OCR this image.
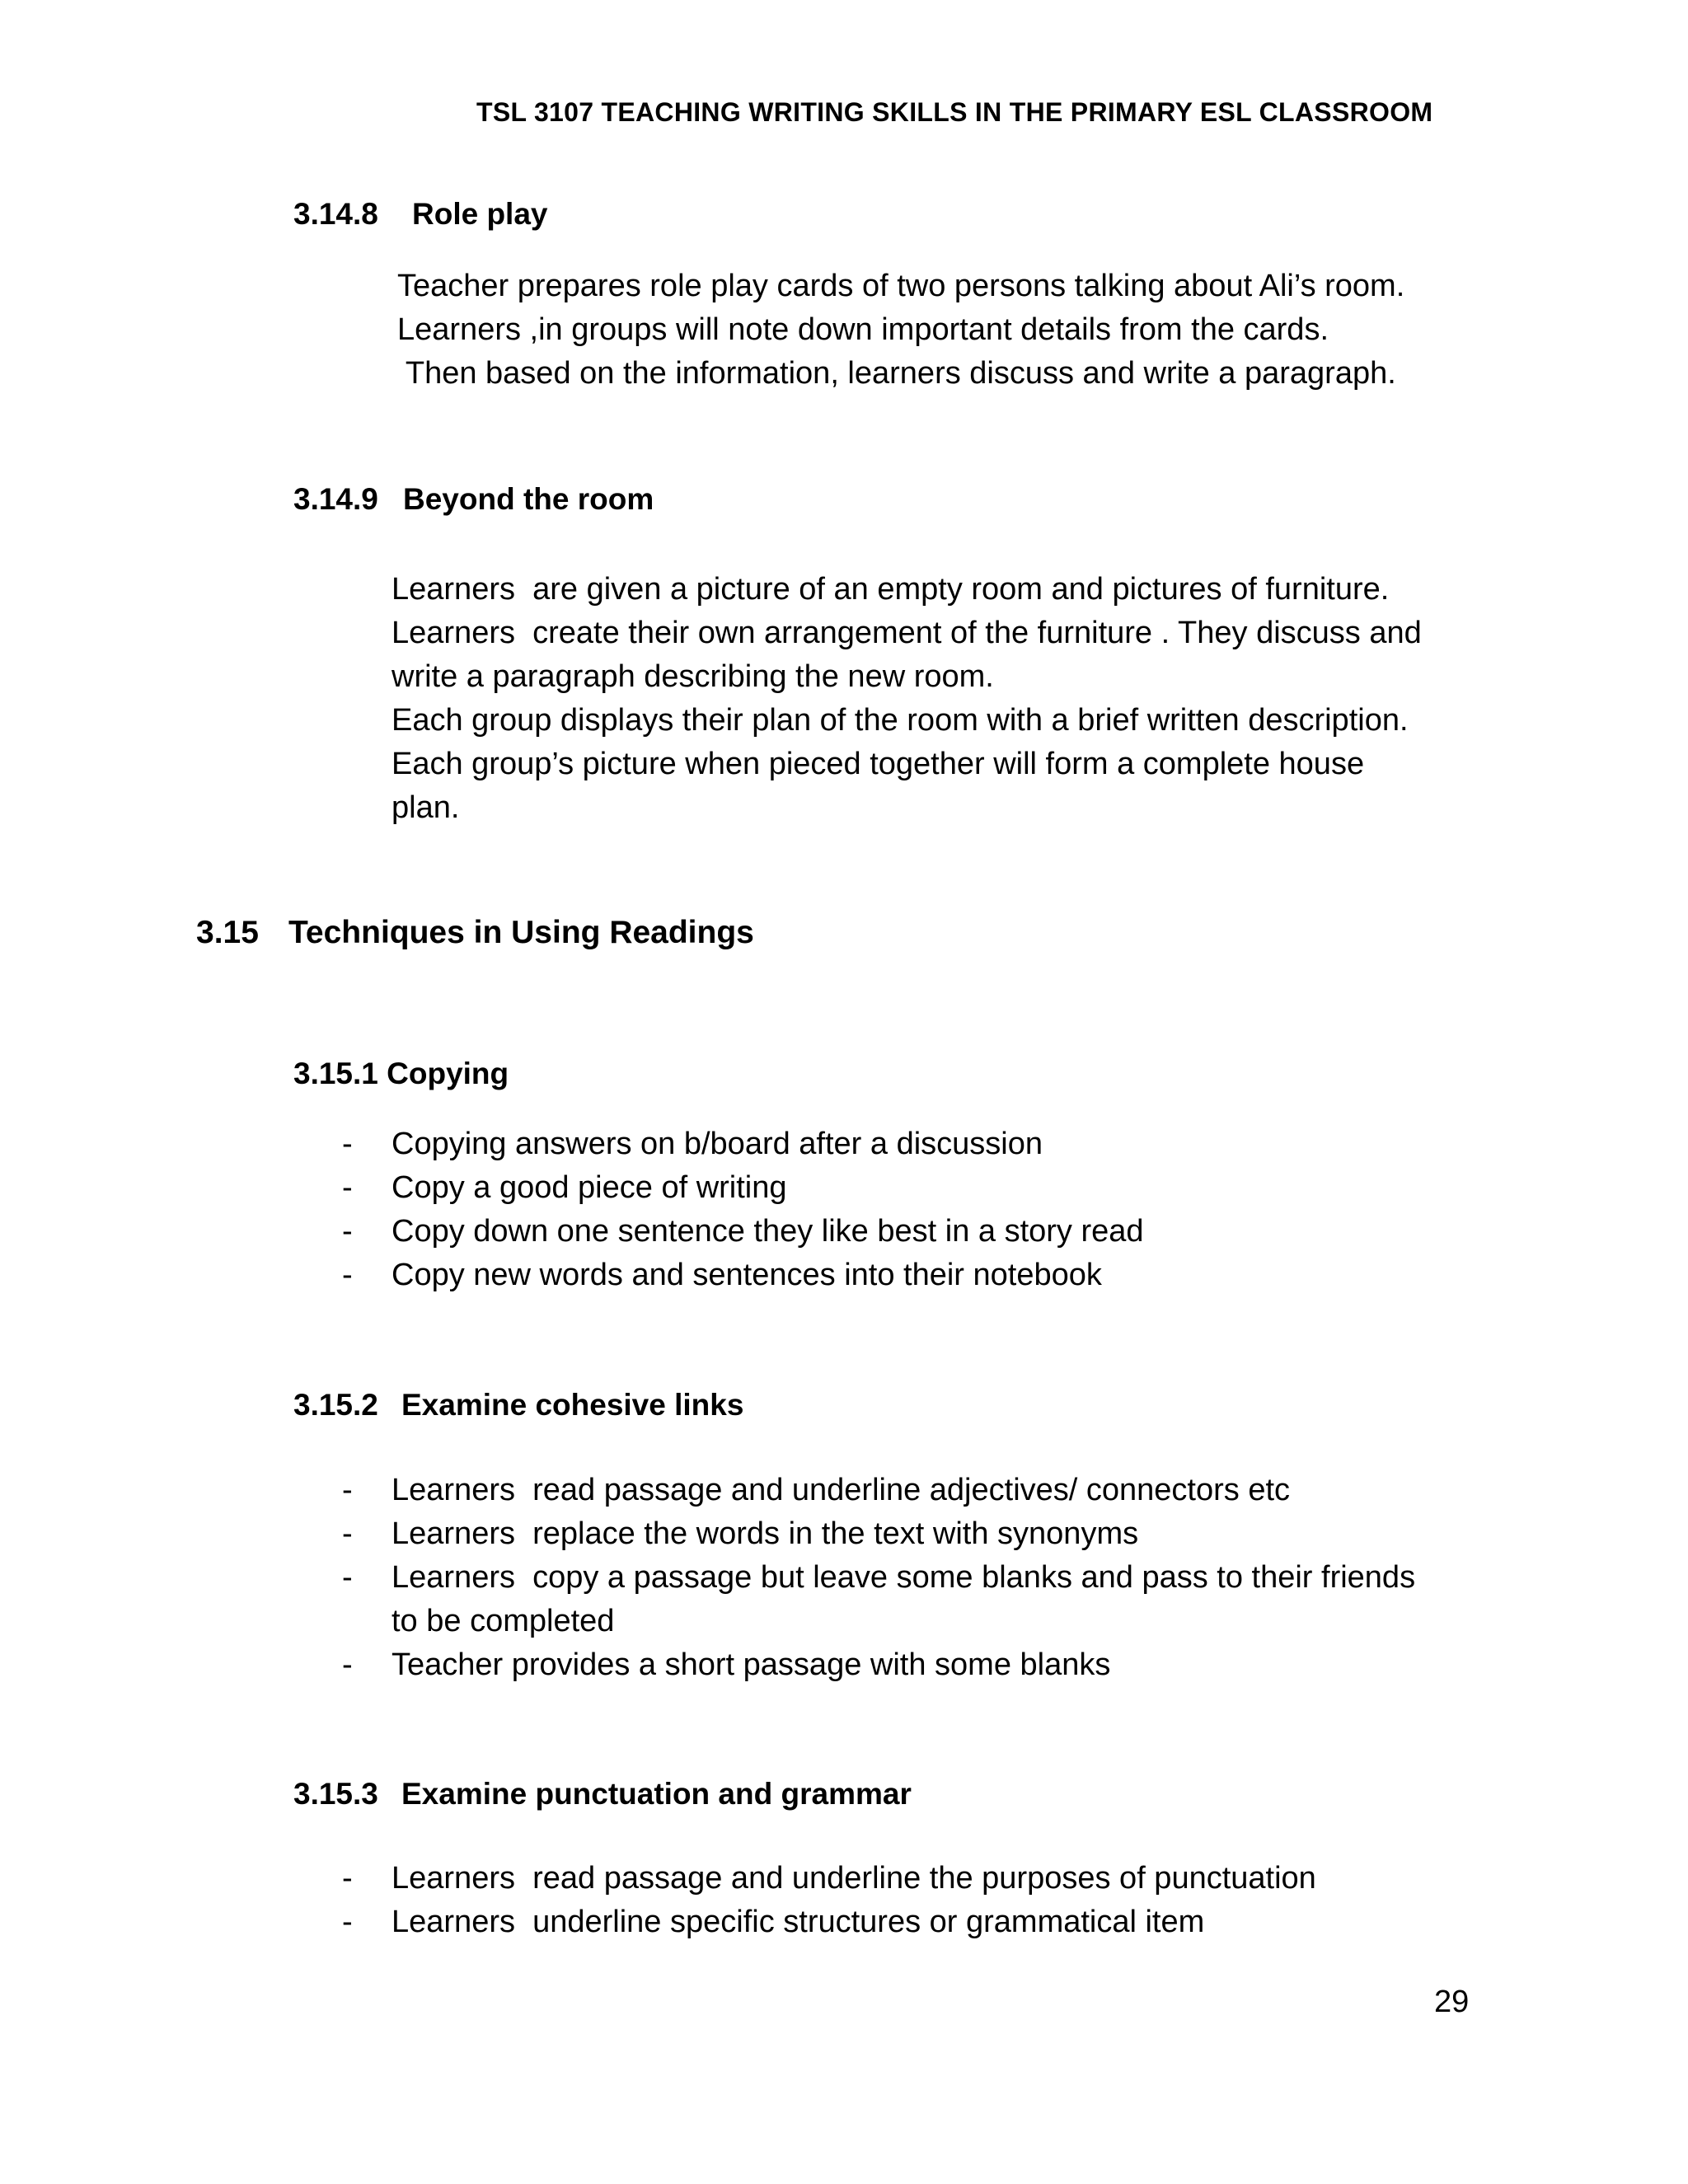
TSL 3107 TEACHING WRITING SKILLS IN THE PRIMARY ESL CLASSROOM
3.14.8 Role play
Teacher prepares role play cards of two persons talking about Ali’s room.
Learners ,in groups will note down important details from the cards.
Then based on the information, learners discuss and write a paragraph.
3.14.9 Beyond the room
Learners  are given a picture of an empty room and pictures of furniture.
Learners  create their own arrangement of the furniture . They discuss and
write a paragraph describing the new room.
Each group displays their plan of the room with a brief written description.
Each group’s picture when pieced together will form a complete house
plan.
3.15 Techniques in Using Readings
3.15.1 Copying
- Copying answers on b/board after a discussion
- Copy a good piece of writing
- Copy down one sentence they like best in a story read
- Copy new words and sentences into their notebook
3.15.2 Examine cohesive links
- Learners  read passage and underline adjectives/ connectors etc
- Learners  replace the words in the text with synonyms
- Learners  copy a passage but leave some blanks and pass to their friends
to be completed
- Teacher provides a short passage with some blanks
3.15.3 Examine punctuation and grammar
- Learners  read passage and underline the purposes of punctuation
- Learners  underline specific structures or grammatical item
29
